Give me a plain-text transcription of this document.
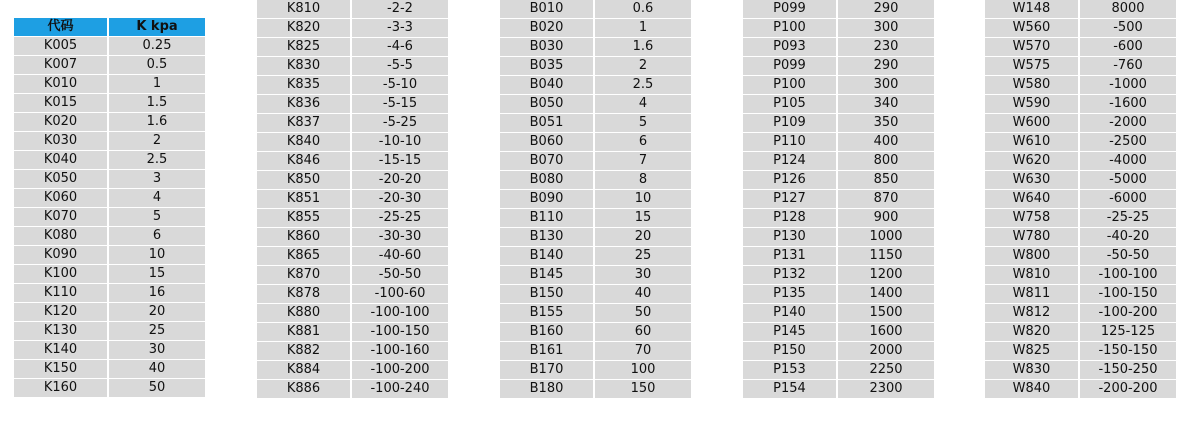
代码	K kpa
K005	0.25
K007	0.5
K010	1
K015	1.5
K020	1.6
K030	2
K040	2.5
K050	3
K060	4
K070	5
K080	6
K090	10
K100	15
K110	16
K120	20
K130	25
K140	30
K150	40
K160	50
K810	-2-2
K820	-3-3
K825	-4-6
K830	-5-5
K835	-5-10
K836	-5-15
K837	-5-25
K840	-10-10
K846	-15-15
K850	-20-20
K851	-20-30
K855	-25-25
K860	-30-30
K865	-40-60
K870	-50-50
K878	-100-60
K880	-100-100
K881	-100-150
K882	-100-160
K884	-100-200
K886	-100-240
B010	0.6
B020	1
B030	1.6
B035	2
B040	2.5
B050	4
B051	5
B060	6
B070	7
B080	8
B090	10
B110	15
B130	20
B140	25
B145	30
B150	40
B155	50
B160	60
B161	70
B170	100
B180	150
P099	290
P100	300
P093	230
P099	290
P100	300
P105	340
P109	350
P110	400
P124	800
P126	850
P127	870
P128	900
P130	1000
P131	1150
P132	1200
P135	1400
P140	1500
P145	1600
P150	2000
P153	2250
P154	2300
W148	8000
W560	-500
W570	-600
W575	-760
W580	-1000
W590	-1600
W600	-2000
W610	-2500
W620	-4000
W630	-5000
W640	-6000
W758	-25-25
W780	-40-20
W800	-50-50
W810	-100-100
W811	-100-150
W812	-100-200
W820	125-125
W825	-150-150
W830	-150-250
W840	-200-200
